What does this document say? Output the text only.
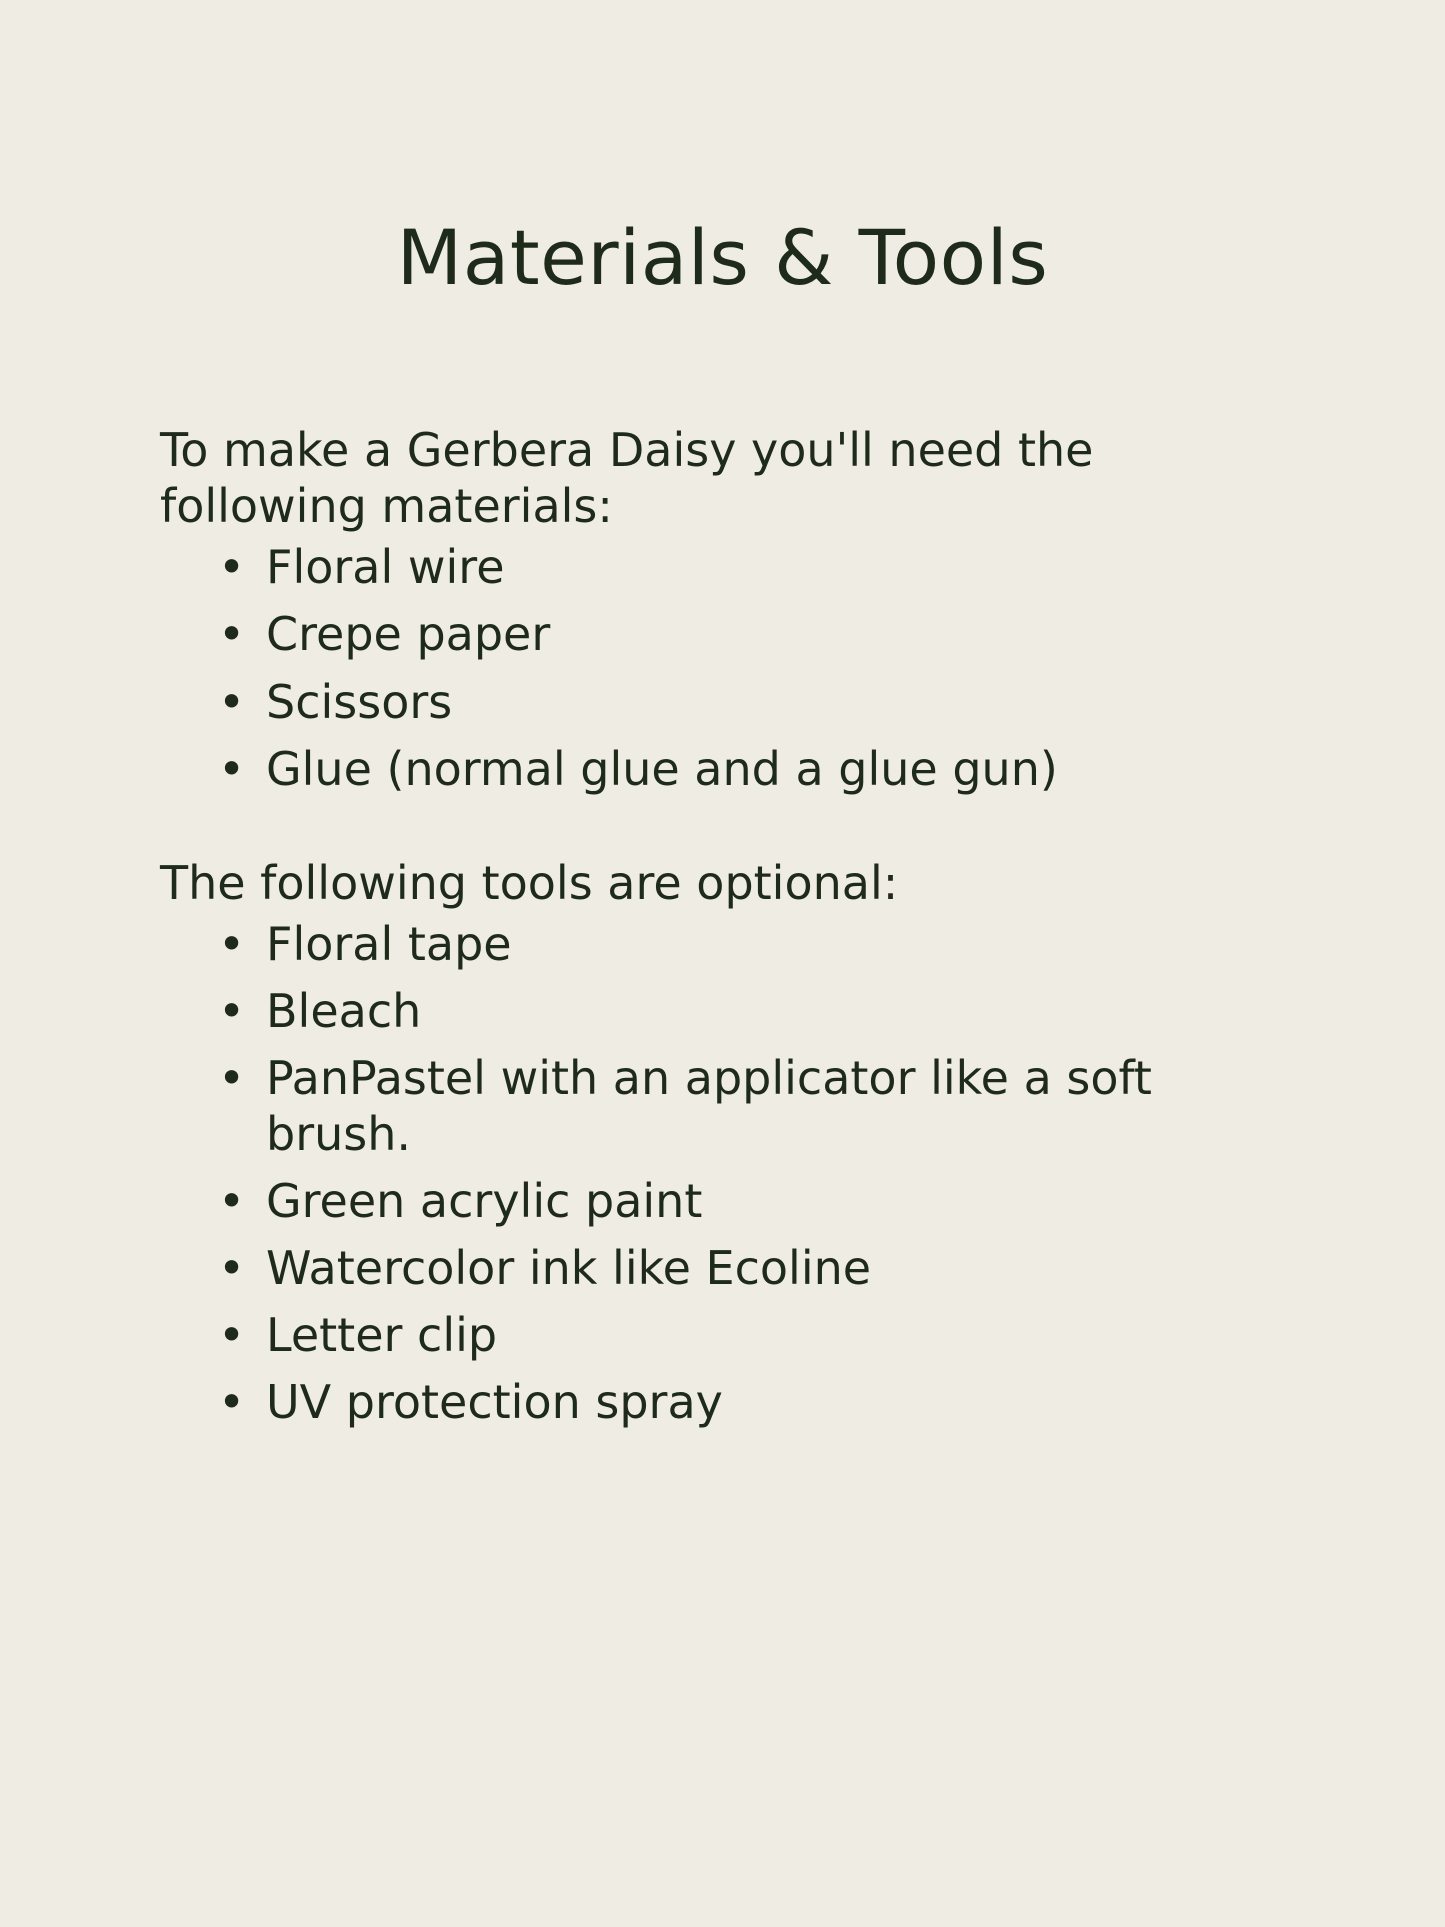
Materials & Tools

To make a Gerbera Daisy you'll need the following materials:

• Floral wire
• Crepe paper
• Scissors
• Glue (normal glue and a glue gun)

The following tools are optional:

• Floral tape
• Bleach
• PanPastel with an applicator like a soft brush.
• Green acrylic paint
• Watercolor ink like Ecoline
• Letter clip
• UV protection spray
